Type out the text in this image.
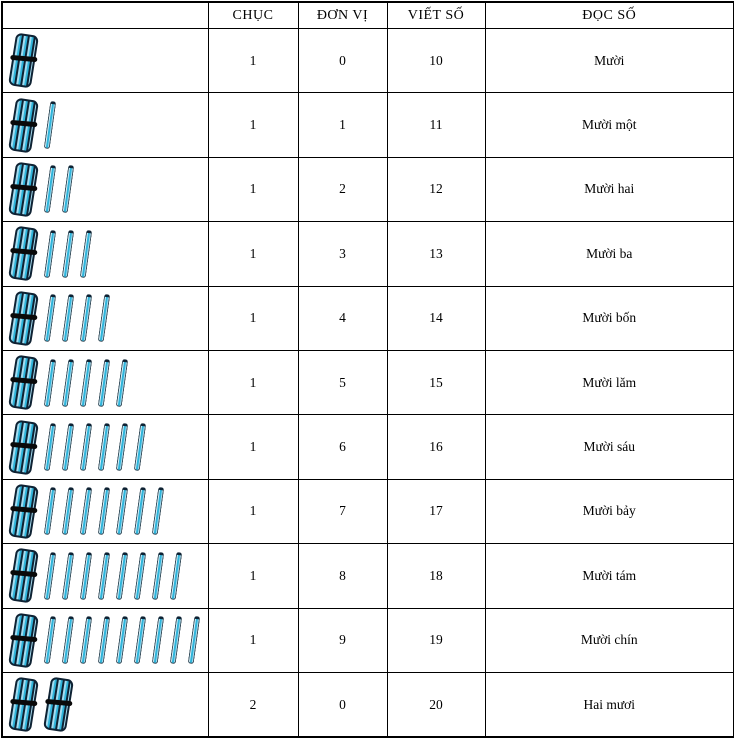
	CHỤC	ĐƠN VỊ	VIẾT SỐ	ĐỌC SỐ

	1	0	10	Mười

	1	1	11	Mười một

	1	2	12	Mười hai

	1	3	13	Mười ba

	1	4	14	Mười bốn

	1	5	15	Mười lăm

	1	6	16	Mười sáu

	1	7	17	Mười bảy

	1	8	18	Mười tám

	1	9	19	Mười chín

	2	0	20	Hai mươi
